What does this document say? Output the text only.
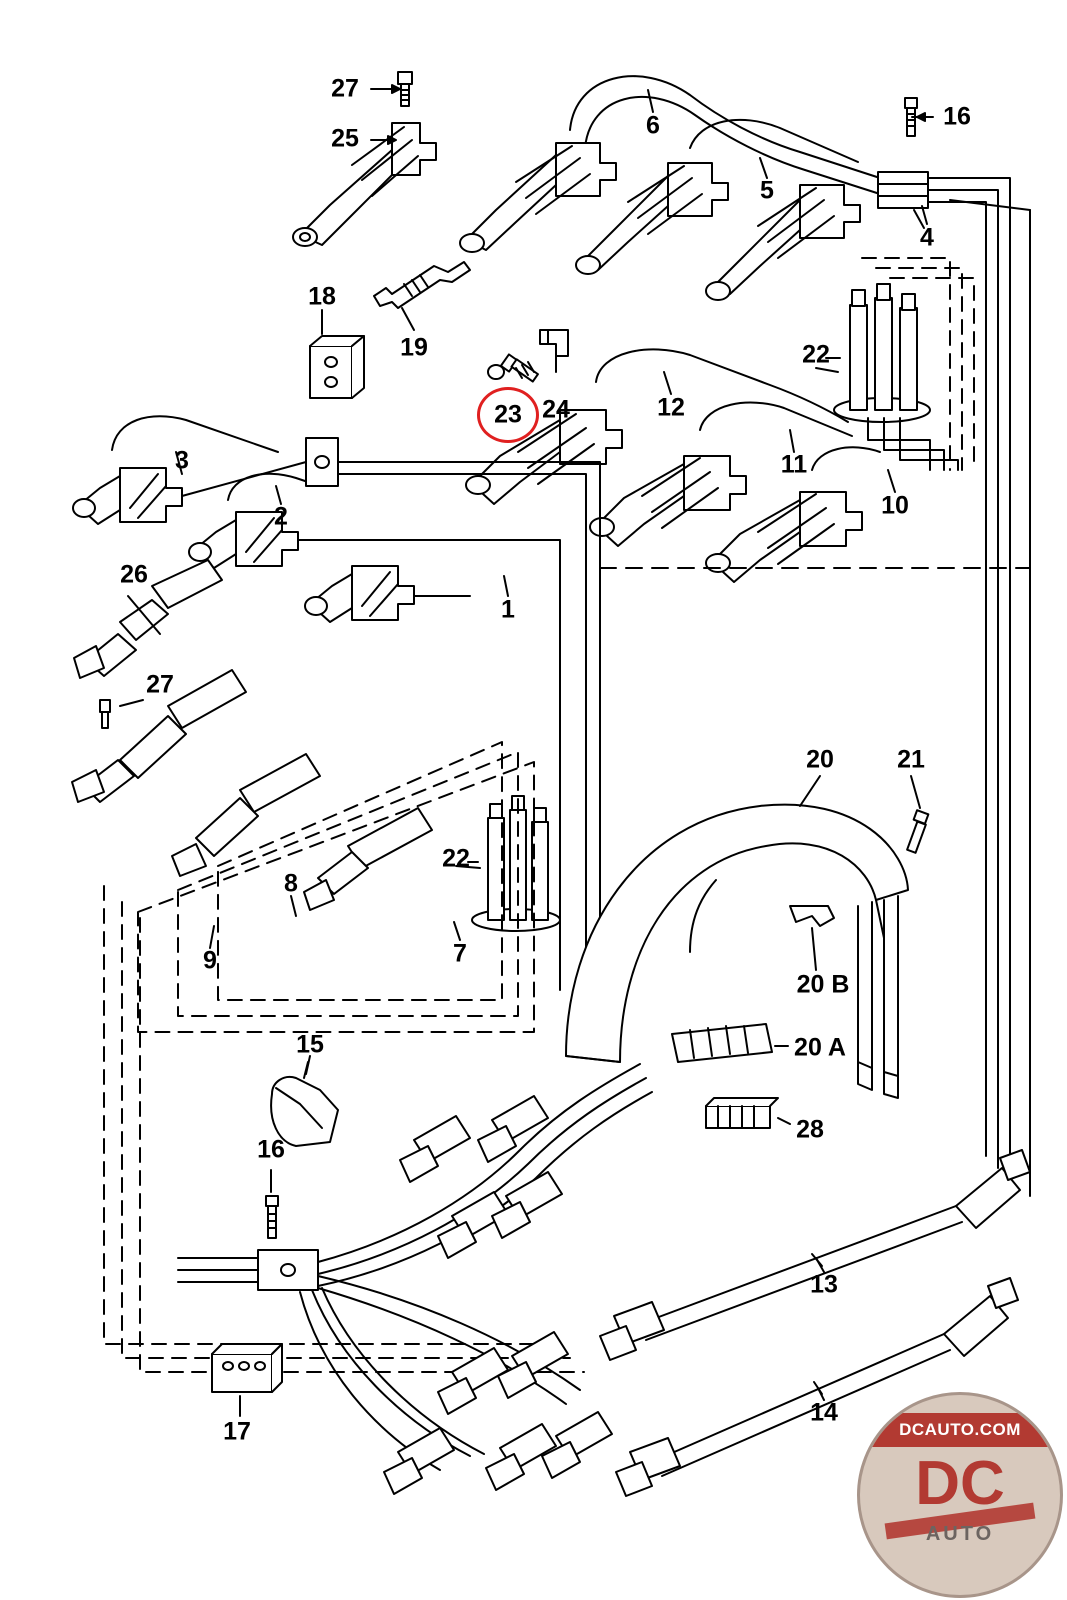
27
25	6	16
5
4
18
19	22
23 24	12
3	11
2	10
26
1
27
20	21
22
8
7
9
20 B
20 A
15
28
16
13
14
17	DCAUTO.COM
DC
AUTO
